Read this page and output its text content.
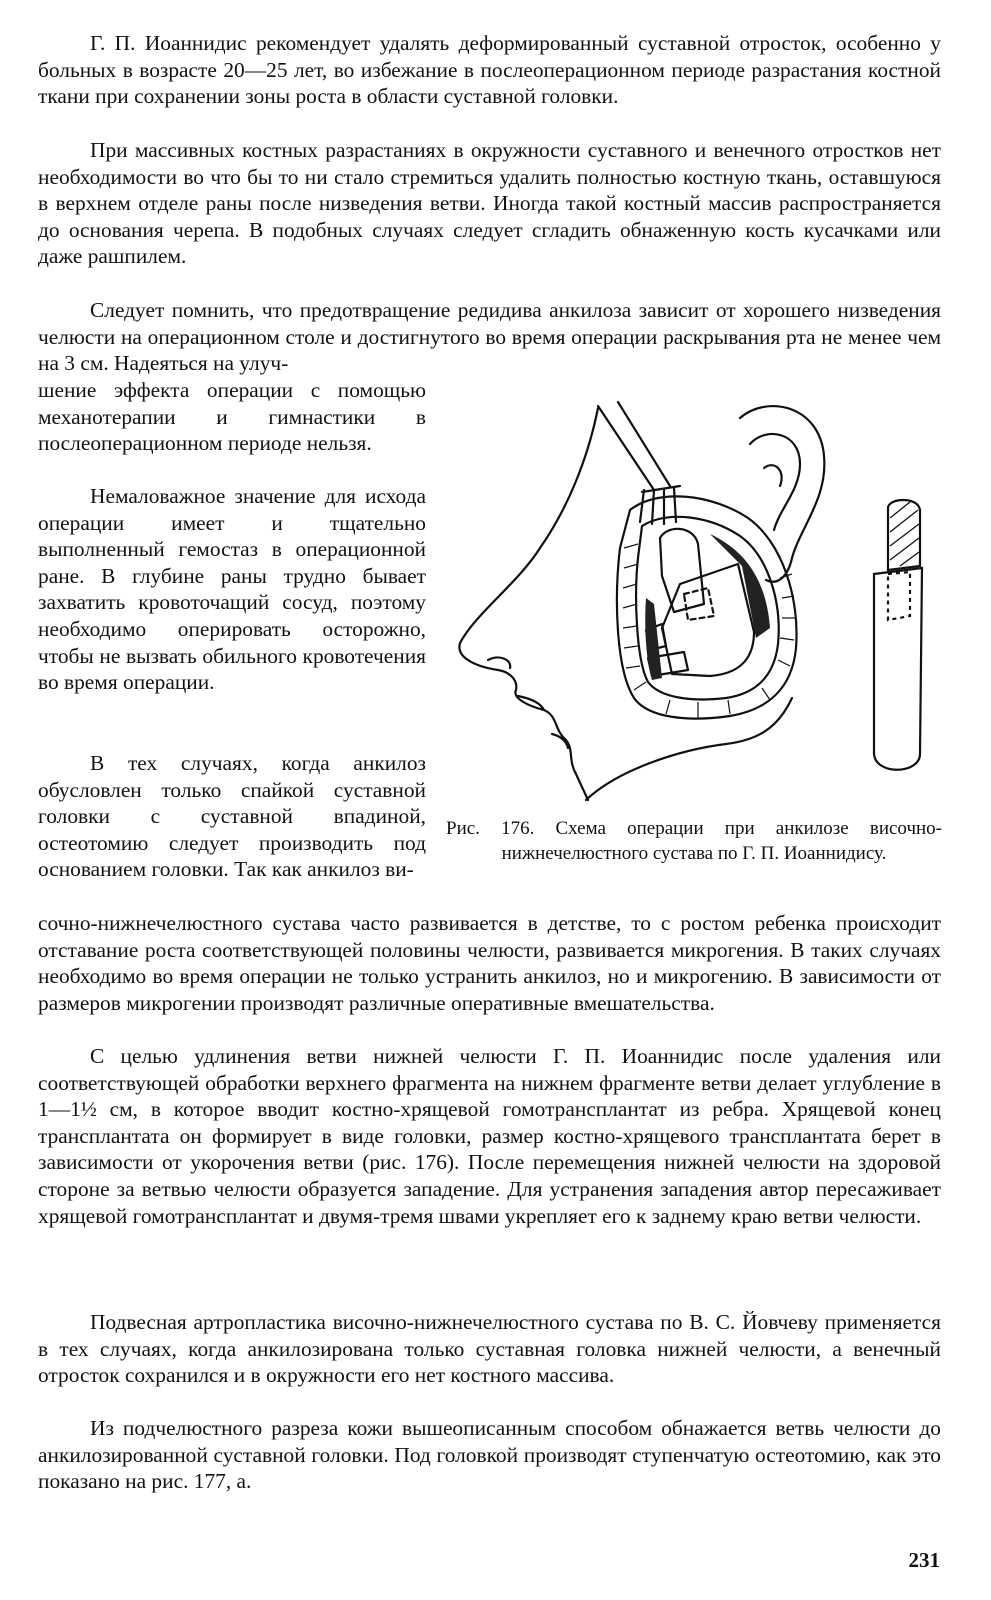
Г. П. Иоаннидис рекомендует удалять деформированный суставной отросток, особенно у больных в возрасте 20—25 лет, во избежание в послеоперационном периоде разрастания костной ткани при сохранении зоны роста в области суставной головки.

При массивных костных разрастаниях в окружности суставного и венечного отростков нет необходимости во что бы то ни стало стремиться удалить полностью костную ткань, оставшуюся в верхнем отделе раны после низведения ветви. Иногда такой костный массив распространяется до основания черепа. В подобных случаях следует сгладить обнаженную кость кусачками или даже рашпилем.

Следует помнить, что предотвращение редидива анкилоза зависит от хорошего низведения челюсти на операционном столе и достигнутого во время операции раскрывания рта не менее чем на 3 см. Надеяться на улуч-

шение эффекта операции с помощью механотерапии и гимнастики в послеоперационном периоде нельзя.

Немаловажное значение для исхода операции имеет и тщательно выполненный гемостаз в операционной ране. В глубине раны трудно бывает захватить кровоточащий сосуд, поэтому необходимо оперировать осторожно, чтобы не вызвать обильного кровотечения во время операции.

В тех случаях, когда анкилоз обусловлен только спайкой суставной головки с суставной впадиной, остеотомию следует производить под основанием головки. Так как анкилоз ви-

сочно-нижнечелюстного сустава часто развивается в детстве, то с ростом ребенка происходит отставание роста соответствующей половины челюсти, развивается микрогения. В таких случаях необходимо во время операции не только устранить анкилоз, но и микрогению. В зависимости от размеров микрогении производят различные оперативные вмешательства.

С целью удлинения ветви нижней челюсти Г. П. Иоаннидис после удаления или соответствующей обработки верхнего фрагмента на нижнем фрагменте ветви делает углубление в 1—1½ см, в которое вводит костно-хрящевой гомотрансплантат из ребра. Хрящевой конец трансплантата он формирует в виде головки, размер костно-хрящевого трансплантата берет в зависимости от укорочения ветви (рис. 176). После перемещения нижней челюсти на здоровой стороне за ветвью челюсти образуется западение. Для устранения западения автор пересаживает хрящевой гомотрансплантат и двумя-тремя швами укрепляет его к заднему краю ветви челюсти.

Подвесная артропластика височно-нижнечелюстного сустава по В. С. Йовчеву применяется в тех случаях, когда анкилозирована только суставная головка нижней челюсти, а венечный отросток сохранился и в окружности его нет костного массива.

Из подчелюстного разреза кожи вышеописанным способом обнажается ветвь челюсти до анкилозированной суставной головки. Под головкой производят ступенчатую остеотомию, как это показано на рис. 177, а.

Рис. 176. Схема операции при анкилозе височно-нижнечелюстного сустава по Г. П. Иоаннидису.
231
